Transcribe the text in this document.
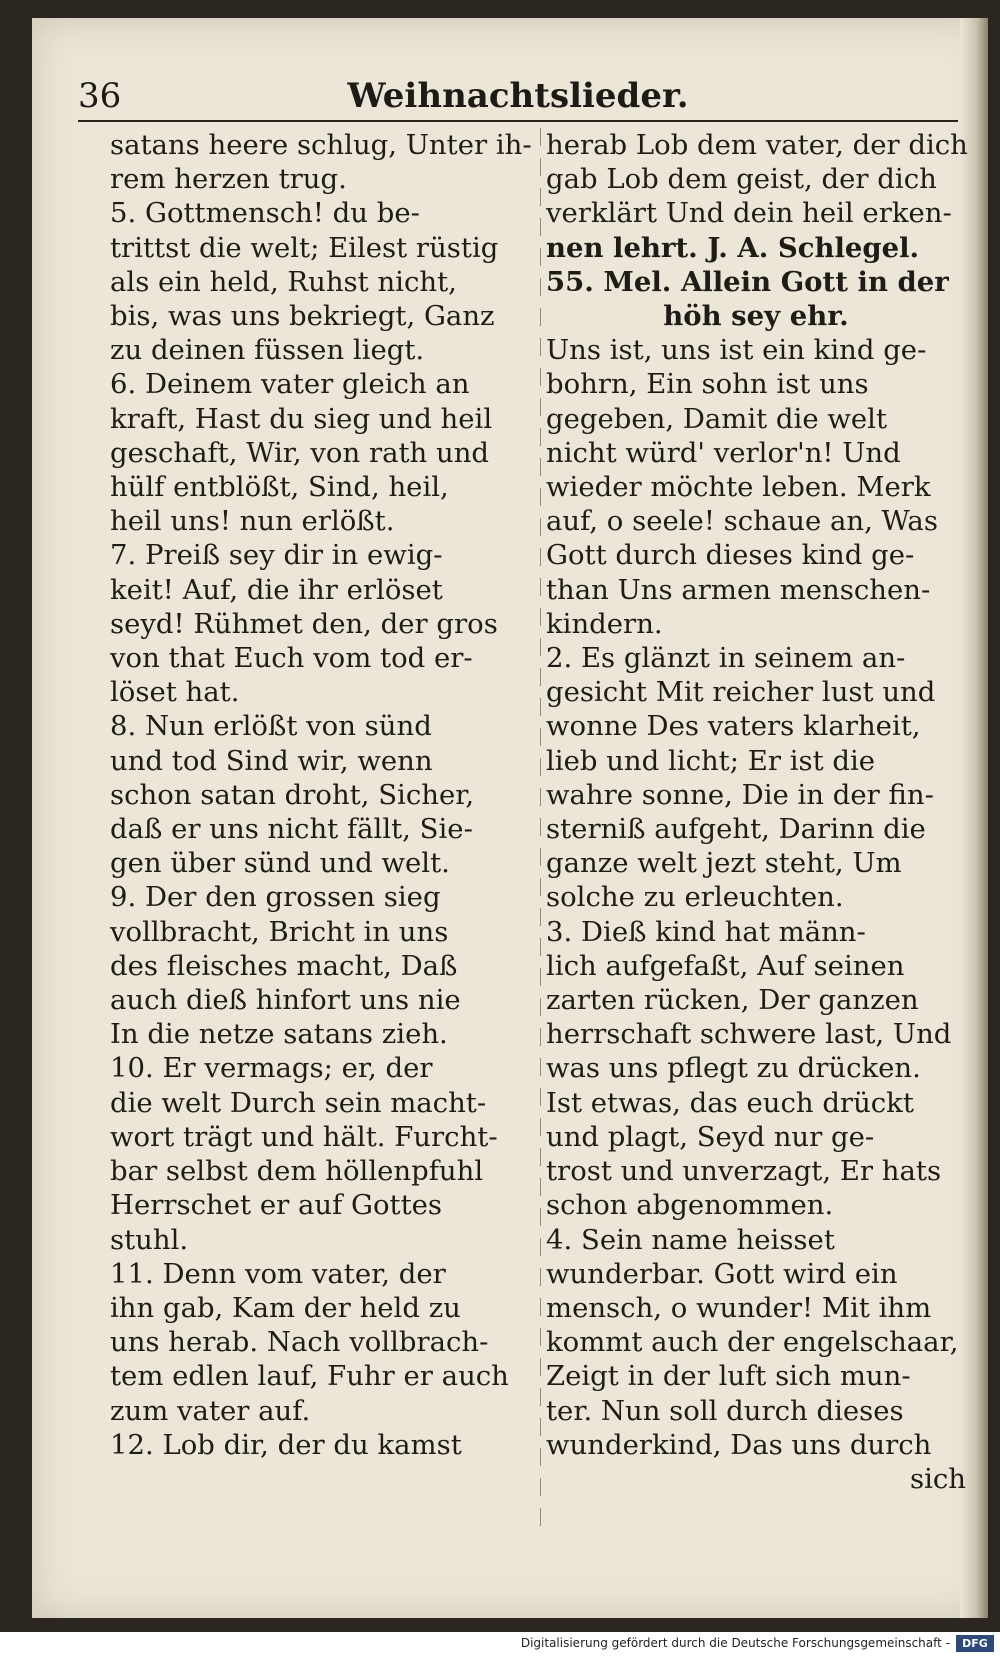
36	Weihnachtslieder.
satans heere schlug, Unter ih-
rem herzen trug.
5. Gottmensch! du be-
trittst die welt; Eilest rüstig
als ein held, Ruhst nicht,
bis, was uns bekriegt, Ganz
zu deinen füssen liegt.
6. Deinem vater gleich an
kraft, Hast du sieg und heil
geschaft, Wir, von rath und
hülf entblößt, Sind, heil,
heil uns! nun erlößt.
7. Preiß sey dir in ewig-
keit! Auf, die ihr erlöset
seyd! Rühmet den, der gros
von that Euch vom tod er-
löset hat.
8. Nun erlößt von sünd
und tod Sind wir, wenn
schon satan droht, Sicher,
daß er uns nicht fällt, Sie-
gen über sünd und welt.
9. Der den grossen sieg
vollbracht, Bricht in uns
des fleisches macht, Daß
auch dieß hinfort uns nie
In die netze satans zieh.
10. Er vermags; er, der
die welt Durch sein macht-
wort trägt und hält. Furcht-
bar selbst dem höllenpfuhl
Herrschet er auf Gottes
stuhl.
11. Denn vom vater, der
ihn gab, Kam der held zu
uns herab. Nach vollbrach-
tem edlen lauf, Fuhr er auch
zum vater auf.
12. Lob dir, der du kamst
herab Lob dem vater, der dich
gab Lob dem geist, der dich
verklärt Und dein heil erken-
nen lehrt. J. A. Schlegel.
55. Mel. Allein Gott in der
höh sey ehr.
Uns ist, uns ist ein kind ge-
bohrn, Ein sohn ist uns
gegeben, Damit die welt
nicht würd' verlor'n! Und
wieder möchte leben. Merk
auf, o seele! schaue an, Was
Gott durch dieses kind ge-
than Uns armen menschen-
kindern.
2. Es glänzt in seinem an-
gesicht Mit reicher lust und
wonne Des vaters klarheit,
lieb und licht; Er ist die
wahre sonne, Die in der fin-
sterniß aufgeht, Darinn die
ganze welt jezt steht, Um
solche zu erleuchten.
3. Dieß kind hat männ-
lich aufgefaßt, Auf seinen
zarten rücken, Der ganzen
herrschaft schwere last, Und
was uns pflegt zu drücken.
Ist etwas, das euch drückt
und plagt, Seyd nur ge-
trost und unverzagt, Er hats
schon abgenommen.
4. Sein name heisset
wunderbar. Gott wird ein
mensch, o wunder! Mit ihm
kommt auch der engelschaar,
Zeigt in der luft sich mun-
ter. Nun soll durch dieses
wunderkind, Das uns durch
sich
Digitalisierung gefördert durch die Deutsche Forschungsgemeinschaft -	DFG
